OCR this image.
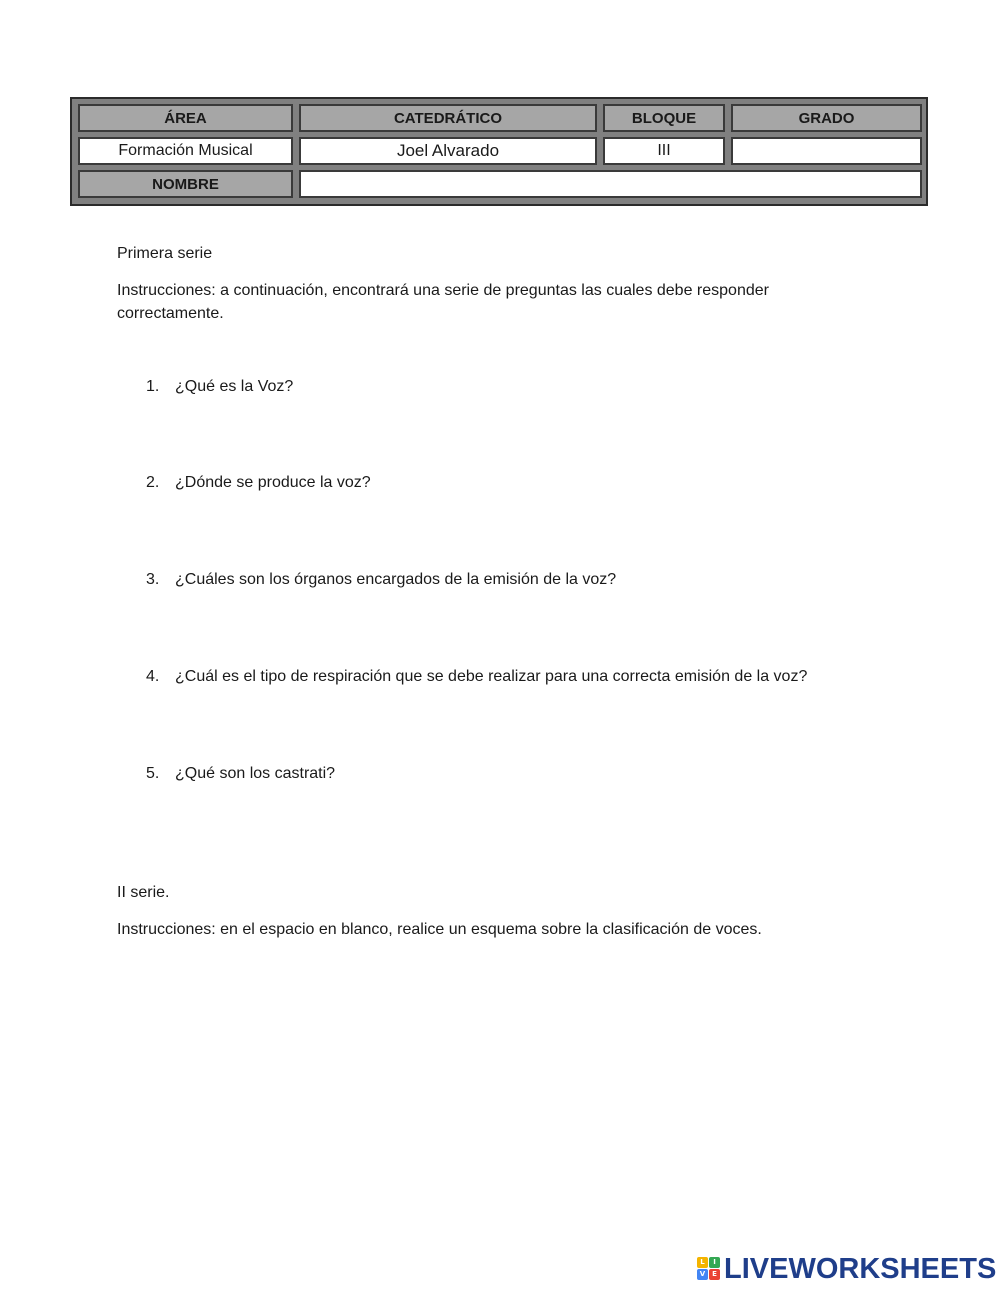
ÁREA	CATEDRÁTICO	BLOQUE	GRADO
Formación Musical	Joel Alvarado	III
NOMBRE

Primera serie

Instrucciones: a continuación, encontrará una serie de preguntas las cuales debe responder

correctamente.

1. ¿Qué es la Voz?
2. ¿Dónde se produce la voz?
3. ¿Cuáles son los órganos encargados de la emisión de la voz?
4. ¿Cuál es el tipo de respiración que se debe realizar para una correcta emisión de la voz?
5. ¿Qué son los castrati?

II serie.

Instrucciones: en el espacio en blanco, realice un esquema sobre la clasificación de voces.

L	I
V E LIVEWORKSHEETS
